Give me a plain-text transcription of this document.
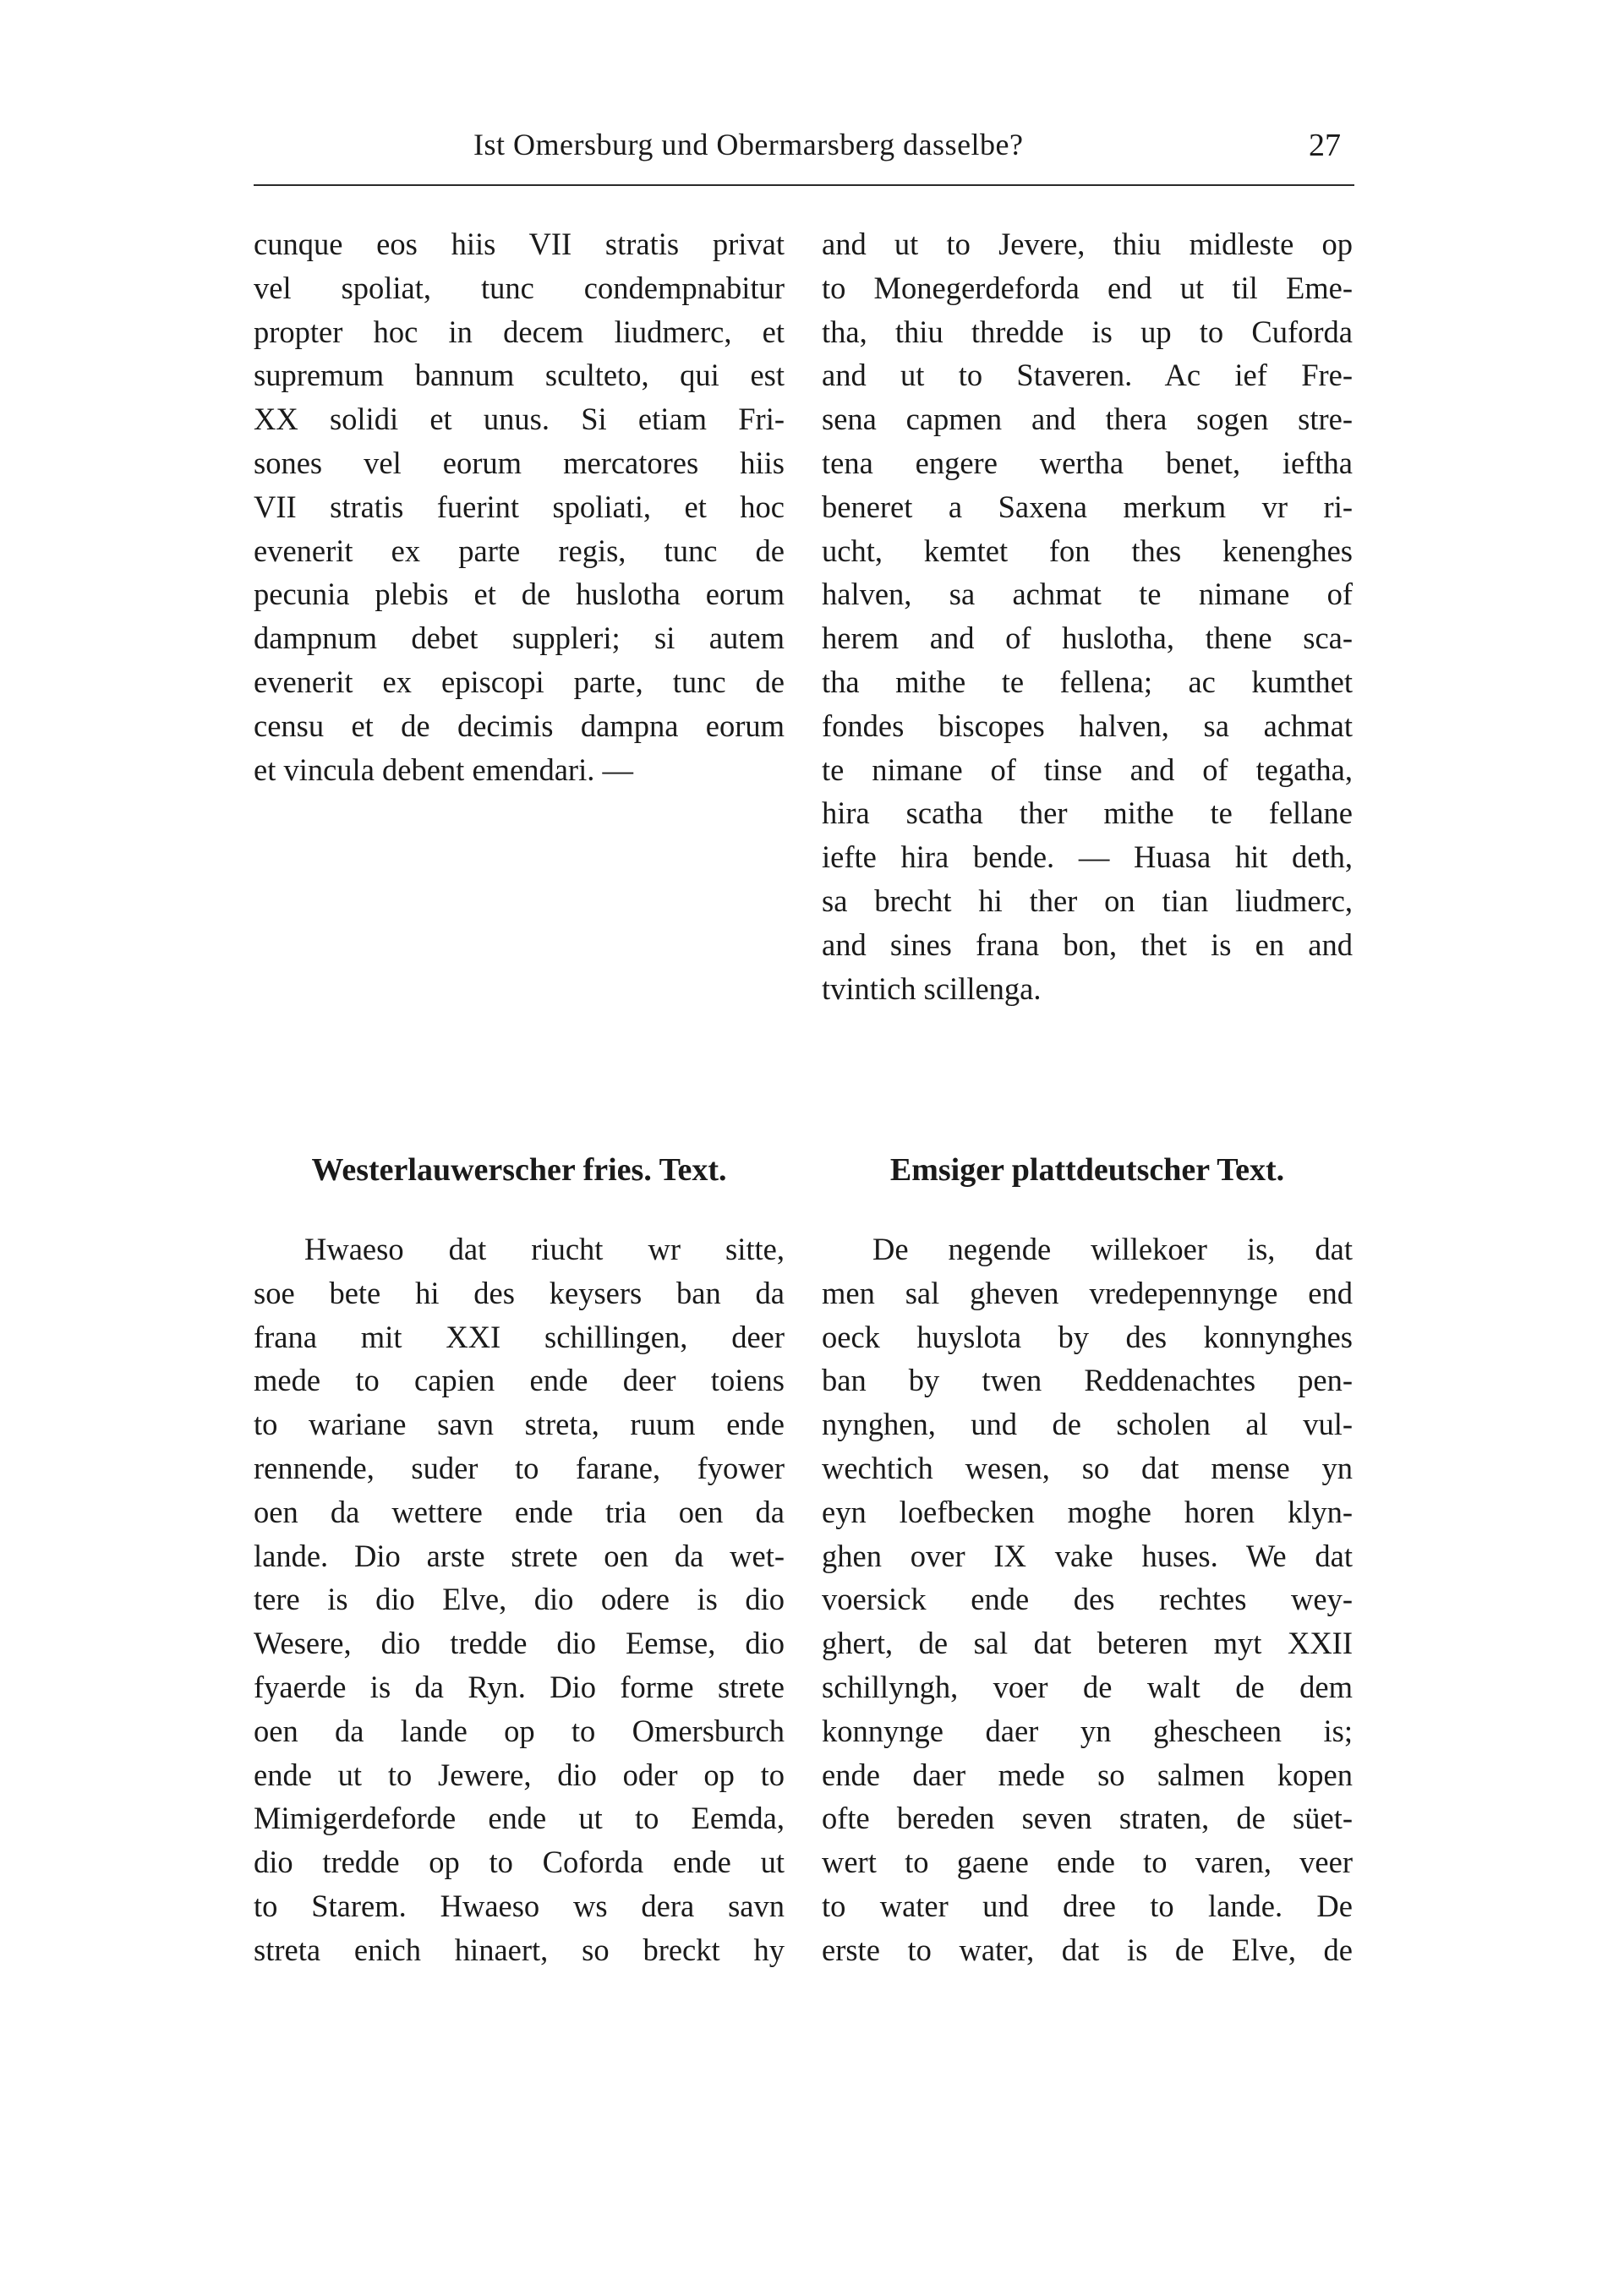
Ist Omersburg und Obermarsberg dasselbe?	27
cunque eos hiis VII stratis privat
vel spoliat, tunc condempnabitur
propter hoc in decem liudmerc, et
supremum bannum sculteto, qui est
XX solidi et unus. Si etiam Fri-
sones vel eorum mercatores hiis
VII stratis fuerint spoliati, et hoc
evenerit ex parte regis, tunc de
pecunia plebis et de huslotha eorum
dampnum debet suppleri; si autem
evenerit ex episcopi parte, tunc de
censu et de decimis dampna eorum
et vincula debent emendari. —
and ut to Jevere, thiu midleste op
to Monegerdeforda end ut til Eme-
tha, thiu thredde is up to Cuforda
and ut to Staveren. Ac ief Fre-
sena capmen and thera sogen stre-
tena engere wertha benet, ieftha
beneret a Saxena merkum vr ri-
ucht, kemtet fon thes kenenghes
halven, sa achmat te nimane of
herem and of huslotha, thene sca-
tha mithe te fellena; ac kumthet
fondes biscopes halven, sa achmat
te nimane of tinse and of tegatha,
hira scatha ther mithe te fellane
iefte hira bende. — Huasa hit deth,
sa brecht hi ther on tian liudmerc,
and sines frana bon, thet is en and
tvintich scillenga.
Westerlauwerscher fries. Text.	Emsiger plattdeutscher Text.
Hwaeso dat riucht wr sitte,
soe bete hi des keysers ban da
frana mit XXI schillingen, deer
mede to capien ende deer toiens
to wariane savn streta, ruum ende
rennende, suder to farane, fyower
oen da wettere ende tria oen da
lande. Dio arste strete oen da wet-
tere is dio Elve, dio odere is dio
Wesere, dio tredde dio Eemse, dio
fyaerde is da Ryn. Dio forme strete
oen da lande op to Omersburch
ende ut to Jewere, dio oder op to
Mimigerdeforde ende ut to Eemda,
dio tredde op to Coforda ende ut
to Starem. Hwaeso ws dera savn
streta enich hinaert, so breckt hy
De negende willekoer is, dat
men sal gheven vredepennynge end
oeck huyslota by des konnynghes
ban by twen Reddenachtes pen-
nynghen, und de scholen al vul-
wechtich wesen, so dat mense yn
eyn loefbecken moghe horen klyn-
ghen over IX vake huses. We dat
voersick ende des rechtes wey-
ghert, de sal dat beteren myt XXII
schillyngh, voer de walt de dem
konnynge daer yn ghescheen is;
ende daer mede so salmen kopen
ofte bereden seven straten, de süet-
wert to gaene ende to varen, veer
to water und dree to lande. De
erste to water, dat is de Elve, de
